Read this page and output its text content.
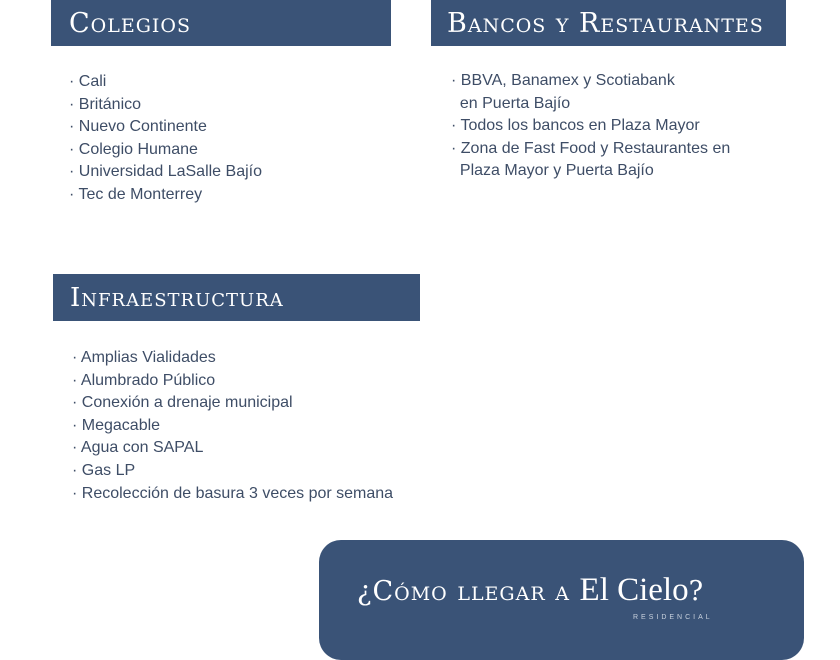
Colegios
· Cali
· Británico
· Nuevo Continente
· Colegio Humane
· Universidad LaSalle Bajío
· Tec de Monterrey
Bancos y Restaurantes
· BBVA, Banamex y Scotiabank
en Puerta Bajío
· Todos los bancos en Plaza Mayor
· Zona de Fast Food y Restaurantes en
Plaza Mayor y Puerta Bajío
Infraestructura
· Amplias Vialidades
· Alumbrado Público
· Conexión a drenaje municipal
· Megacable
· Agua con SAPAL
· Gas LP
· Recolección de basura 3 veces por semana
¿Cómo llegar a El Cielo?
RESIDENCIAL
